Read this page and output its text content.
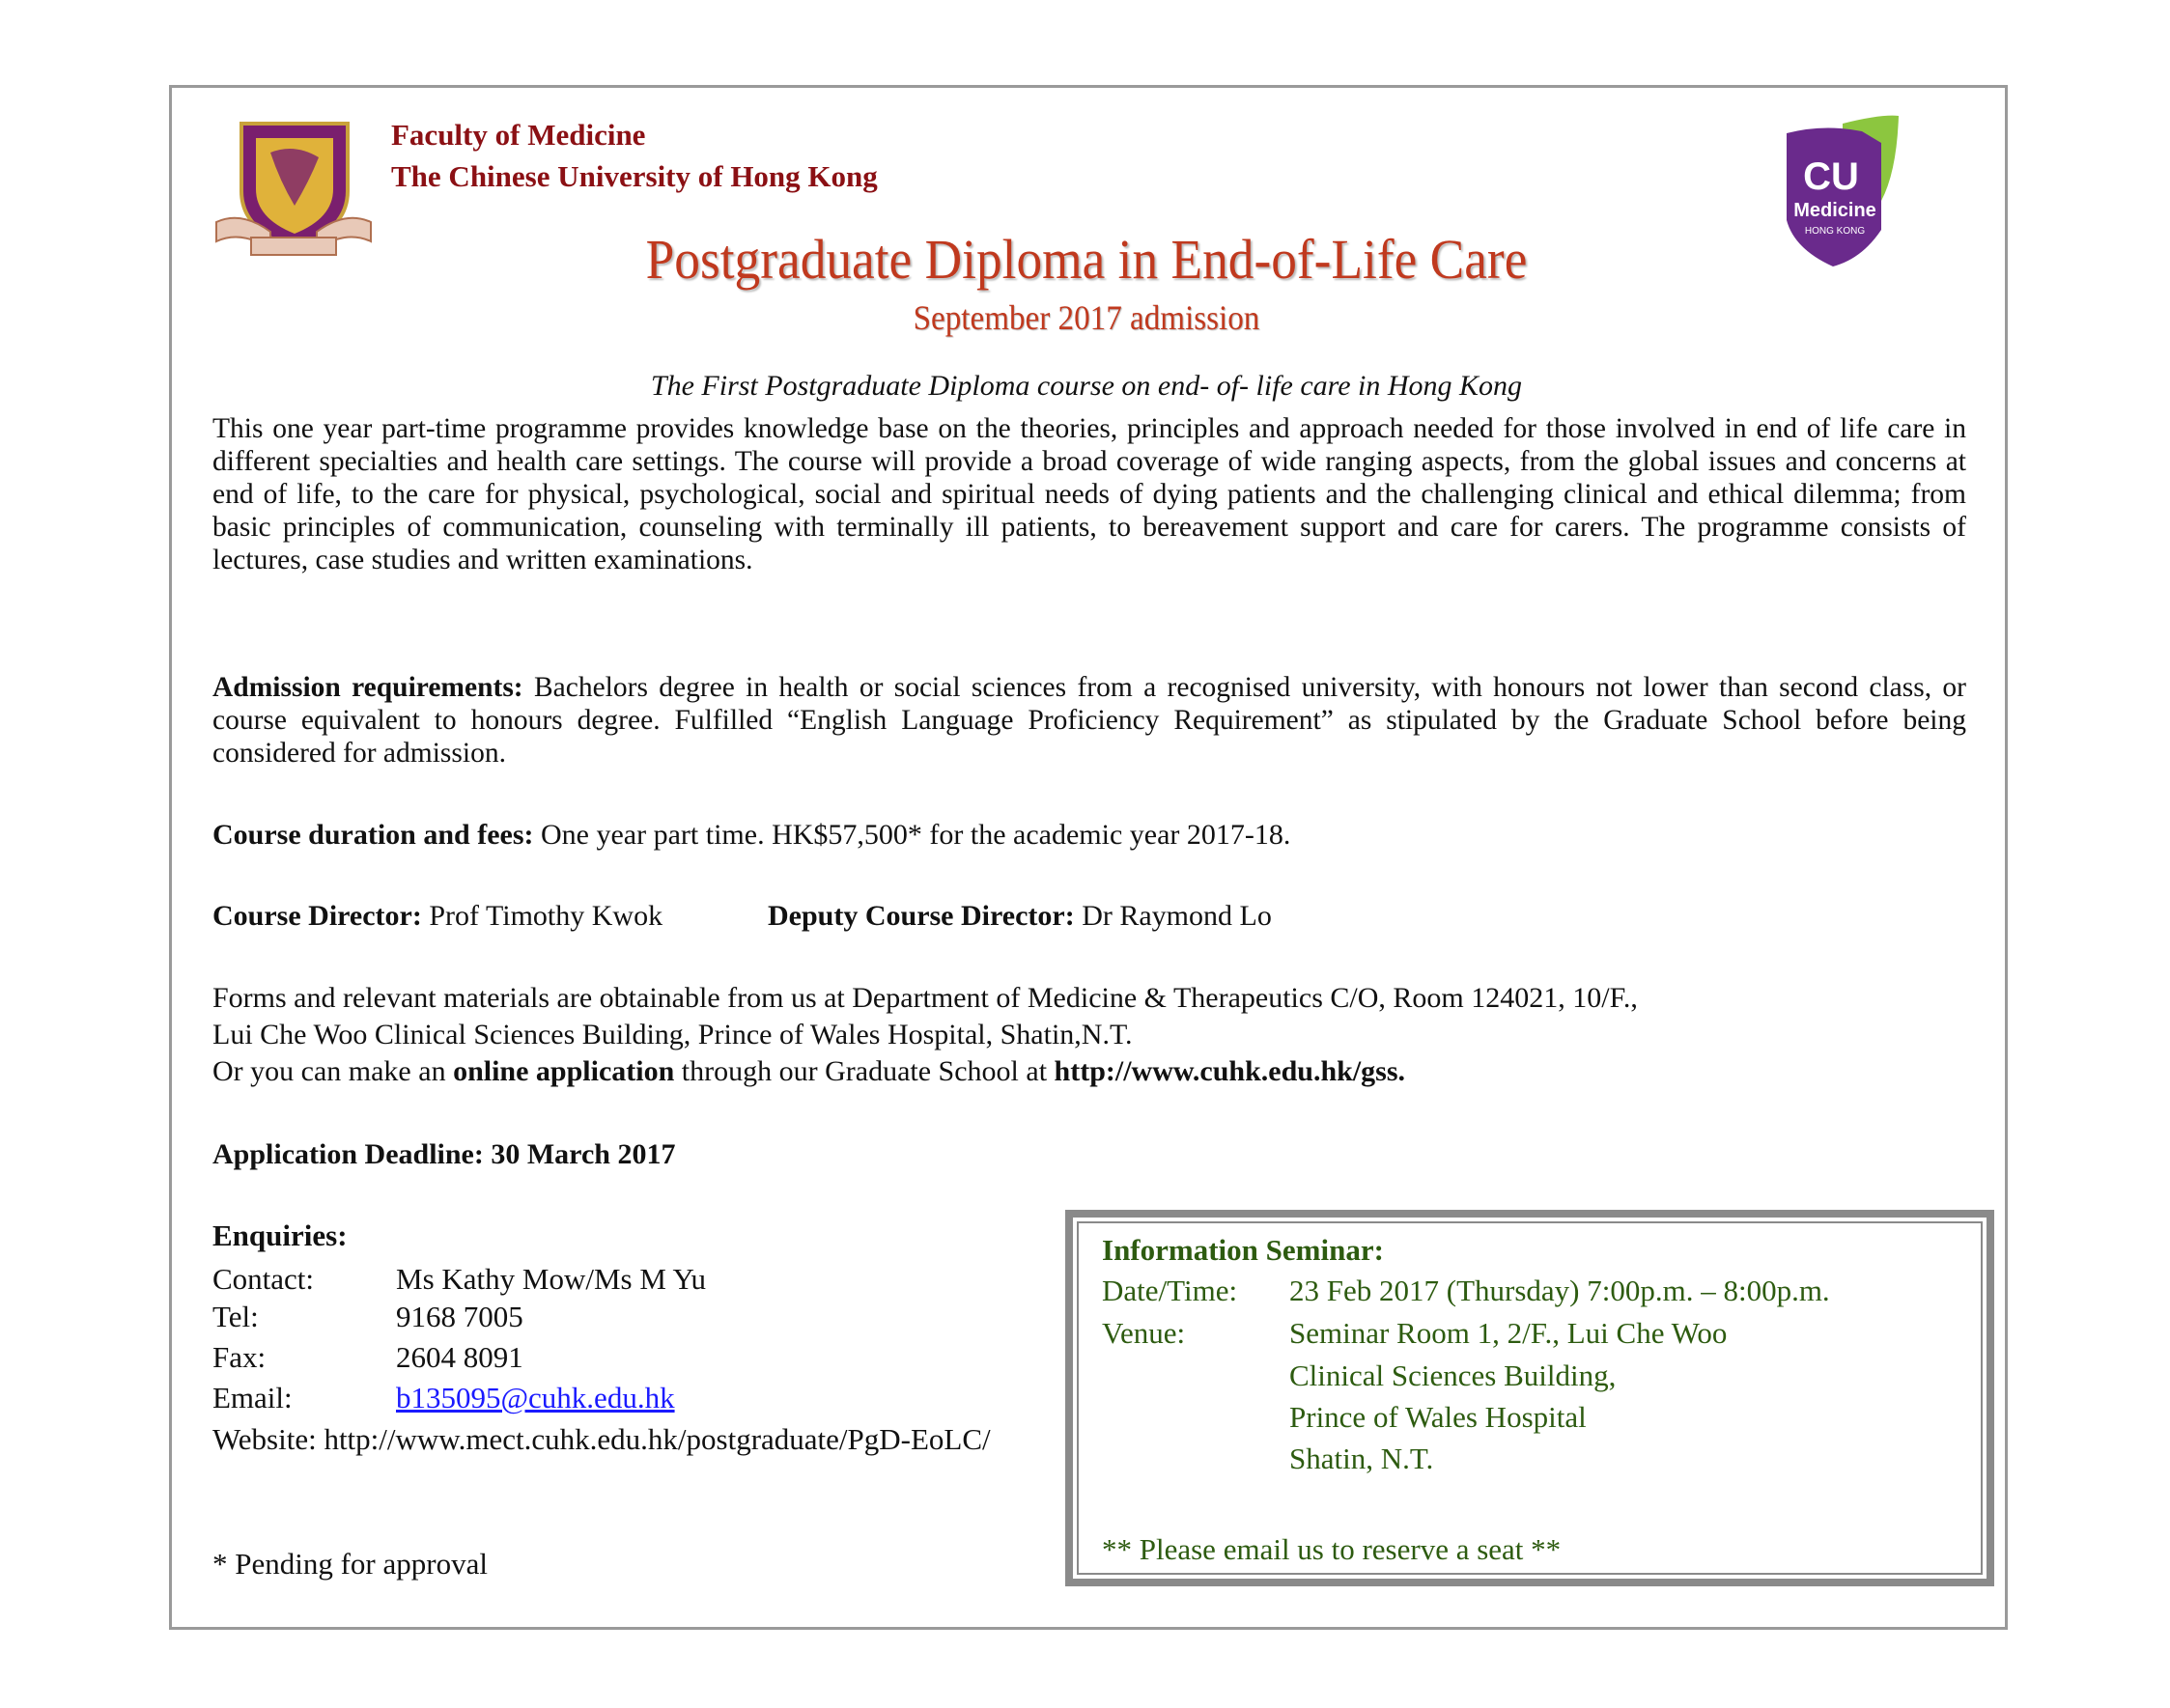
Faculty of Medicine
The Chinese University of Hong Kong	CU
Medicine
HONG KONG
Postgraduate Diploma in End-of-Life Care
September 2017 admission
The First Postgraduate Diploma course on end- of- life care in Hong Kong
This one year part-time programme provides knowledge base on the theories, principles and approach needed for those involved in end of life care in different specialties and health care settings. The course will provide a broad coverage of wide ranging aspects, from the global issues and concerns at end of life, to the care for physical, psychological, social and spiritual needs of dying patients and the challenging clinical and ethical dilemma; from basic principles of communication, counseling with terminally ill patients, to bereavement support and care for carers. The programme consists of lectures, case studies and written examinations.
Admission requirements: Bachelors degree in health or social sciences from a recognised university, with honours not lower than second class, or course equivalent to honours degree. Fulfilled “English Language Proficiency Requirement” as stipulated by the Graduate School before being considered for admission.
Course duration and fees: One year part time. HK$57,500* for the academic year 2017-18.
Course Director: Prof Timothy Kwok	Deputy Course Director: Dr Raymond Lo
Forms and relevant materials are obtainable from us at Department of Medicine & Therapeutics C/O, Room 124021, 10/F.,
Lui Che Woo Clinical Sciences Building, Prince of Wales Hospital, Shatin,N.T.
Or you can make an online application through our Graduate School at http://www.cuhk.edu.hk/gss.
Application Deadline: 30 March 2017
Enquiries:
Contact:	Ms Kathy Mow/Ms M Yu
Tel:	9168 7005
Fax:	2604 8091
Email:	b135095@cuhk.edu.hk
Website: http://www.mect.cuhk.edu.hk/postgraduate/PgD-EoLC/
* Pending for approval
Information Seminar:
Date/Time: 23 Feb 2017 (Thursday) 7:00p.m. – 8:00p.m.
Venue:	Seminar Room 1, 2/F., Lui Che Woo
Clinical Sciences Building,
Prince of Wales Hospital
Shatin, N.T.
** Please email us to reserve a seat **
